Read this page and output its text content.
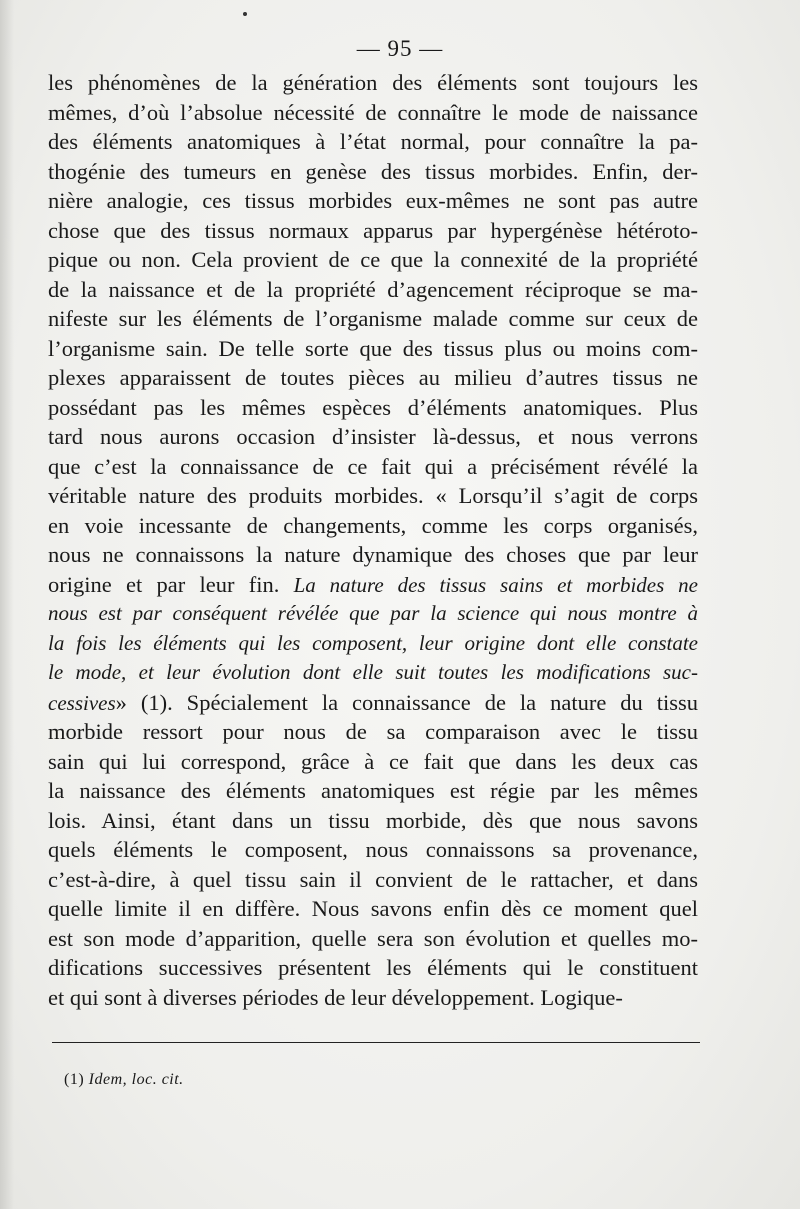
— 95 —
les phénomènes de la génération des éléments sont toujours les
mêmes, d’où l’absolue nécessité de connaître le mode de naissance
des éléments anatomiques à l’état normal, pour connaître la pa-
thogénie des tumeurs en genèse des tissus morbides. Enfin, der-
nière analogie, ces tissus morbides eux-mêmes ne sont pas autre
chose que des tissus normaux apparus par hypergénèse hétéroto-
pique ou non. Cela provient de ce que la connexité de la propriété
de la naissance et de la propriété d’agencement réciproque se ma-
nifeste sur les éléments de l’organisme malade comme sur ceux de
l’organisme sain. De telle sorte que des tissus plus ou moins com-
plexes apparaissent de toutes pièces au milieu d’autres tissus ne
possédant pas les mêmes espèces d’éléments anatomiques. Plus
tard nous aurons occasion d’insister là-dessus, et nous verrons
que c’est la connaissance de ce fait qui a précisément révélé la
véritable nature des produits morbides. « Lorsqu’il s’agit de corps
en voie incessante de changements, comme les corps organisés,
nous ne connaissons la nature dynamique des choses que par leur
origine et par leur fin. La nature des tissus sains et morbides ne
nous est par conséquent révélée que par la science qui nous montre à
la fois les éléments qui les composent, leur origine dont elle constate
le mode, et leur évolution dont elle suit toutes les modifications suc-
cessives» (1). Spécialement la connaissance de la nature du tissu
morbide ressort pour nous de sa comparaison avec le tissu
sain qui lui correspond, grâce à ce fait que dans les deux cas
la naissance des éléments anatomiques est régie par les mêmes
lois. Ainsi, étant dans un tissu morbide, dès que nous savons
quels éléments le composent, nous connaissons sa provenance,
c’est-à-dire, à quel tissu sain il convient de le rattacher, et dans
quelle limite il en diffère. Nous savons enfin dès ce moment quel
est son mode d’apparition, quelle sera son évolution et quelles mo-
difications successives présentent les éléments qui le constituent
et qui sont à diverses périodes de leur développement. Logique-
(1) Idem, loc. cit.
